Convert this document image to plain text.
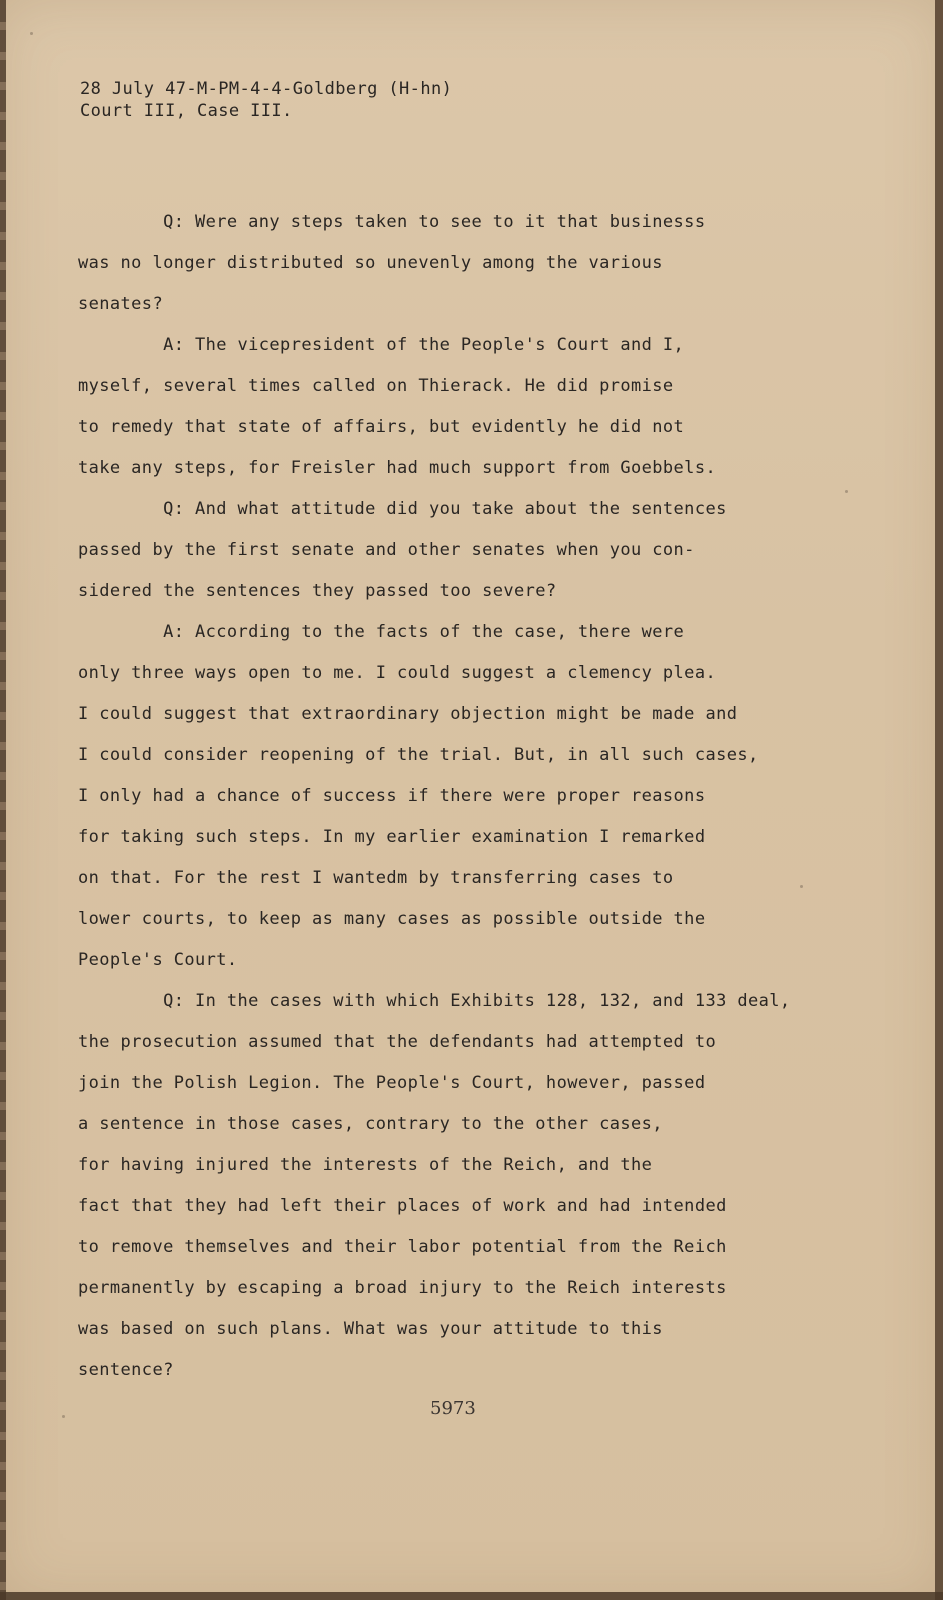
28 July 47-M-PM-4-4-Goldberg (H-hn)
Court III, Case III.
Q: Were any steps taken to see to it that businesss
was no longer distributed so unevenly among the various
senates?
A: The vicepresident of the People's Court and I,
myself, several times called on Thierack. He did promise
to remedy that state of affairs, but evidently he did not
take any steps, for Freisler had much support from Goebbels.
Q: And what attitude did you take about the sentences
passed by the first senate and other senates when you con-
sidered the sentences they passed too severe?
A: According to the facts of the case, there were
only three ways open to me. I could suggest a clemency plea.
I could suggest that extraordinary objection might be made and
I could consider reopening of the trial. But, in all such cases,
I only had a chance of success if there were proper reasons
for taking such steps. In my earlier examination I remarked
on that. For the rest I wantedm by transferring cases to
lower courts, to keep as many cases as possible outside the
People's Court.
Q: In the cases with which Exhibits 128, 132, and 133 deal,
the prosecution assumed that the defendants had attempted to
join the Polish Legion. The People's Court, however, passed
a sentence in those cases, contrary to the other cases,
for having injured the interests of the Reich, and the
fact that they had left their places of work and had intended
to remove themselves and their labor potential from the Reich
permanently by escaping a broad injury to the Reich interests
was based on such plans. What was your attitude to this
sentence?
5973
